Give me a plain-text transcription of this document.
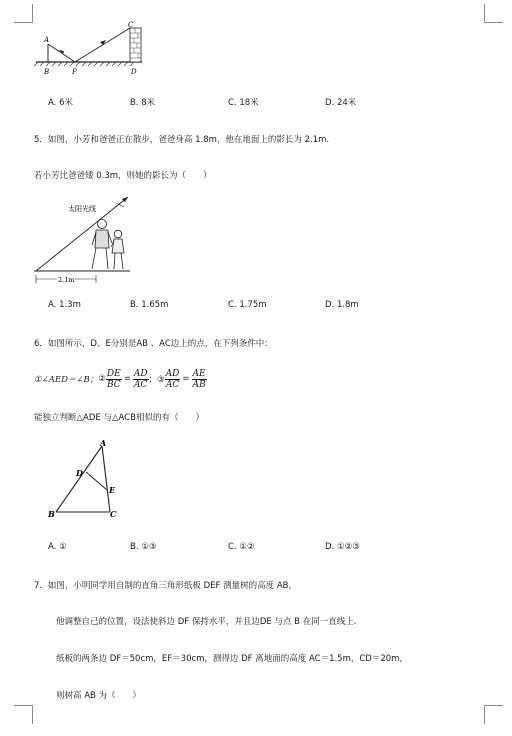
A
B	P
C
D
A. 6米	B. 8米	C. 18米	D. 24米
5．如图，小芳和爸爸正在散步，爸爸身高 1.8m，他在地面上的影长为 2.1m.
若小芳比爸爸矮 0.3m，则她的影长为（　　）
太阳光线
2.1m
A. 1.3m	B. 1.65m	C. 1.75m	D. 1.8m
6．如图所示，D、E分别是AB 、AC边上的点，在下列条件中：
①∠AED＝∠B； ② $\frac{DE}{BC} = \frac{AD}{AC}$ ；③ $\frac{AD}{AC} = \frac{AE}{AB}$
能独立判断△ADE 与△ACB相似的有（　　）
A
D
E
B	C
A. ①	B. ①③	C. ①②	D. ①②③
7．如图，小明同学用自制的直角三角形纸板 DEF 测量树的高度 AB，
他调整自己的位置，设法使斜边 DF 保持水平，并且边DE 与点 B 在同一直线上.
纸板的两条边 DF＝50cm，EF＝30cm，测得边 DF 离地面的高度 AC＝1.5m，CD＝20m，
则树高 AB 为（　　）
